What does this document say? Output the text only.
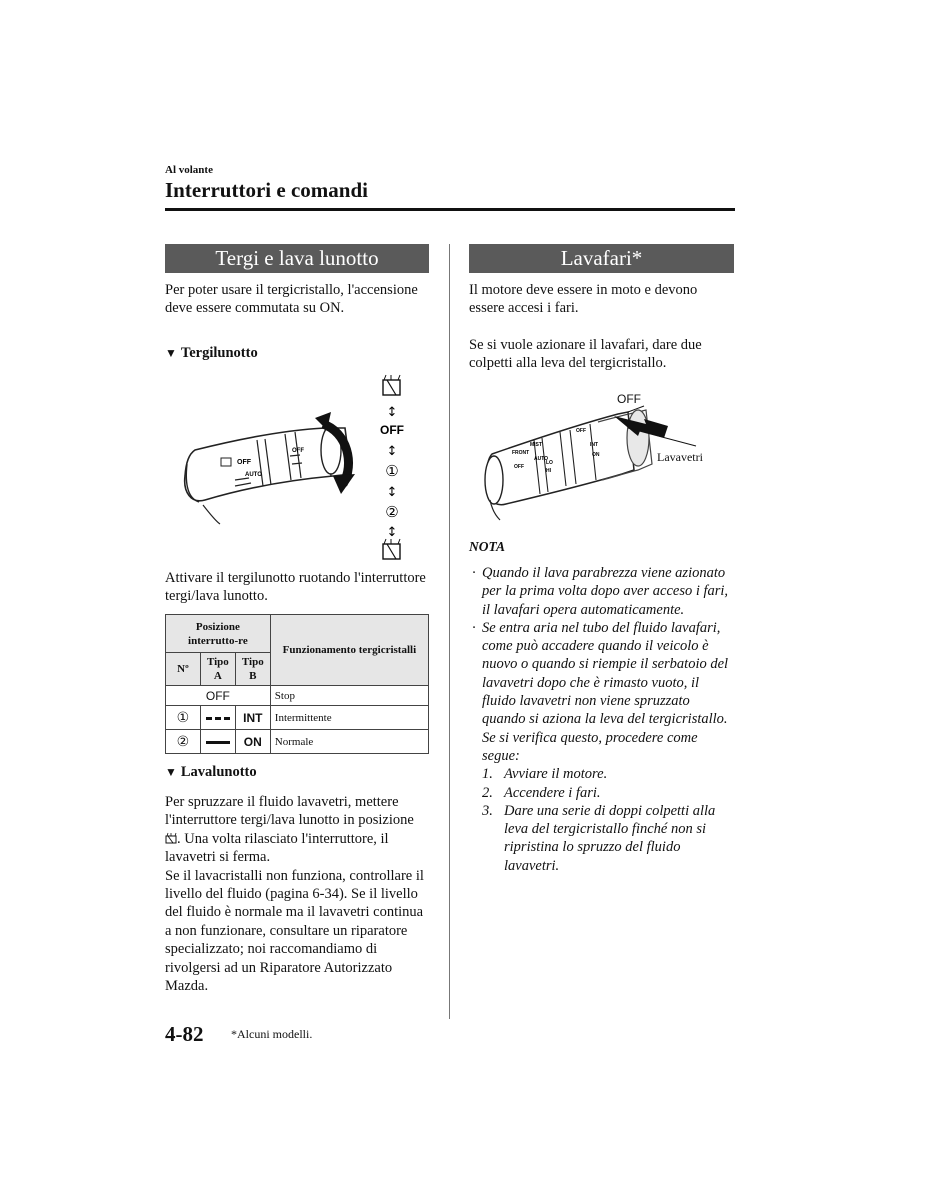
Al volante
Interruttori e comandi
Tergi e lava lunotto
Per poter usare il tergicristallo, l'accensione deve essere commutata su ON.
▼ Tergilunotto
OFF
AUTO
OFF
↕
OFF
↕
①
↕
②
↕
Attivare il tergilunotto ruotando l'interruttore tergi/lava lunotto.
Posizione interrutto-re			Funzionamento tergicristalli
Nº	Tipo A	Tipo B	
OFF			Stop
①		INT	Intermittente
②		ON	Normale
▼ Lavalunotto
Per spruzzare il fluido lavavetri, mettere l'interruttore tergi/lava lunotto in posizione . Una volta rilasciato l'interruttore, il lavavetri si ferma.
Se il lavacristalli non funziona, controllare il livello del fluido (pagina 6-34). Se il livello del fluido è normale ma il lavavetri continua a non funzionare, consultare un riparatore specializzato; noi raccomandiamo di rivolgersi ad un Riparatore Autorizzato Mazda.
Lavafari*
Il motore deve essere in moto e devono essere accesi i fari.
Se si vuole azionare il lavafari, dare due colpetti alla leva del tergicristallo.
FRONT
MIST
OFF
AUTO
LO
HI
INT
ON
OFF
OFF
Lavavetri
NOTA
· Quando il lava parabrezza viene azionato per la prima volta dopo aver acceso i fari, il lavafari opera automaticamente.
· Se entra aria nel tubo del fluido lavafari, come può accadere quando il veicolo è nuovo o quando si riempie il serbatoio del lavavetri dopo che è rimasto vuoto, il fluido lavavetri non viene spruzzato quando si aziona la leva del tergicristallo. Se si verifica questo, procedere come segue:
1. Avviare il motore.
2. Accendere i fari.
3. Dare una serie di doppi colpetti alla leva del tergicristallo finché non si ripristina lo spruzzo del fluido lavavetri.
4-82 *Alcuni modelli.
